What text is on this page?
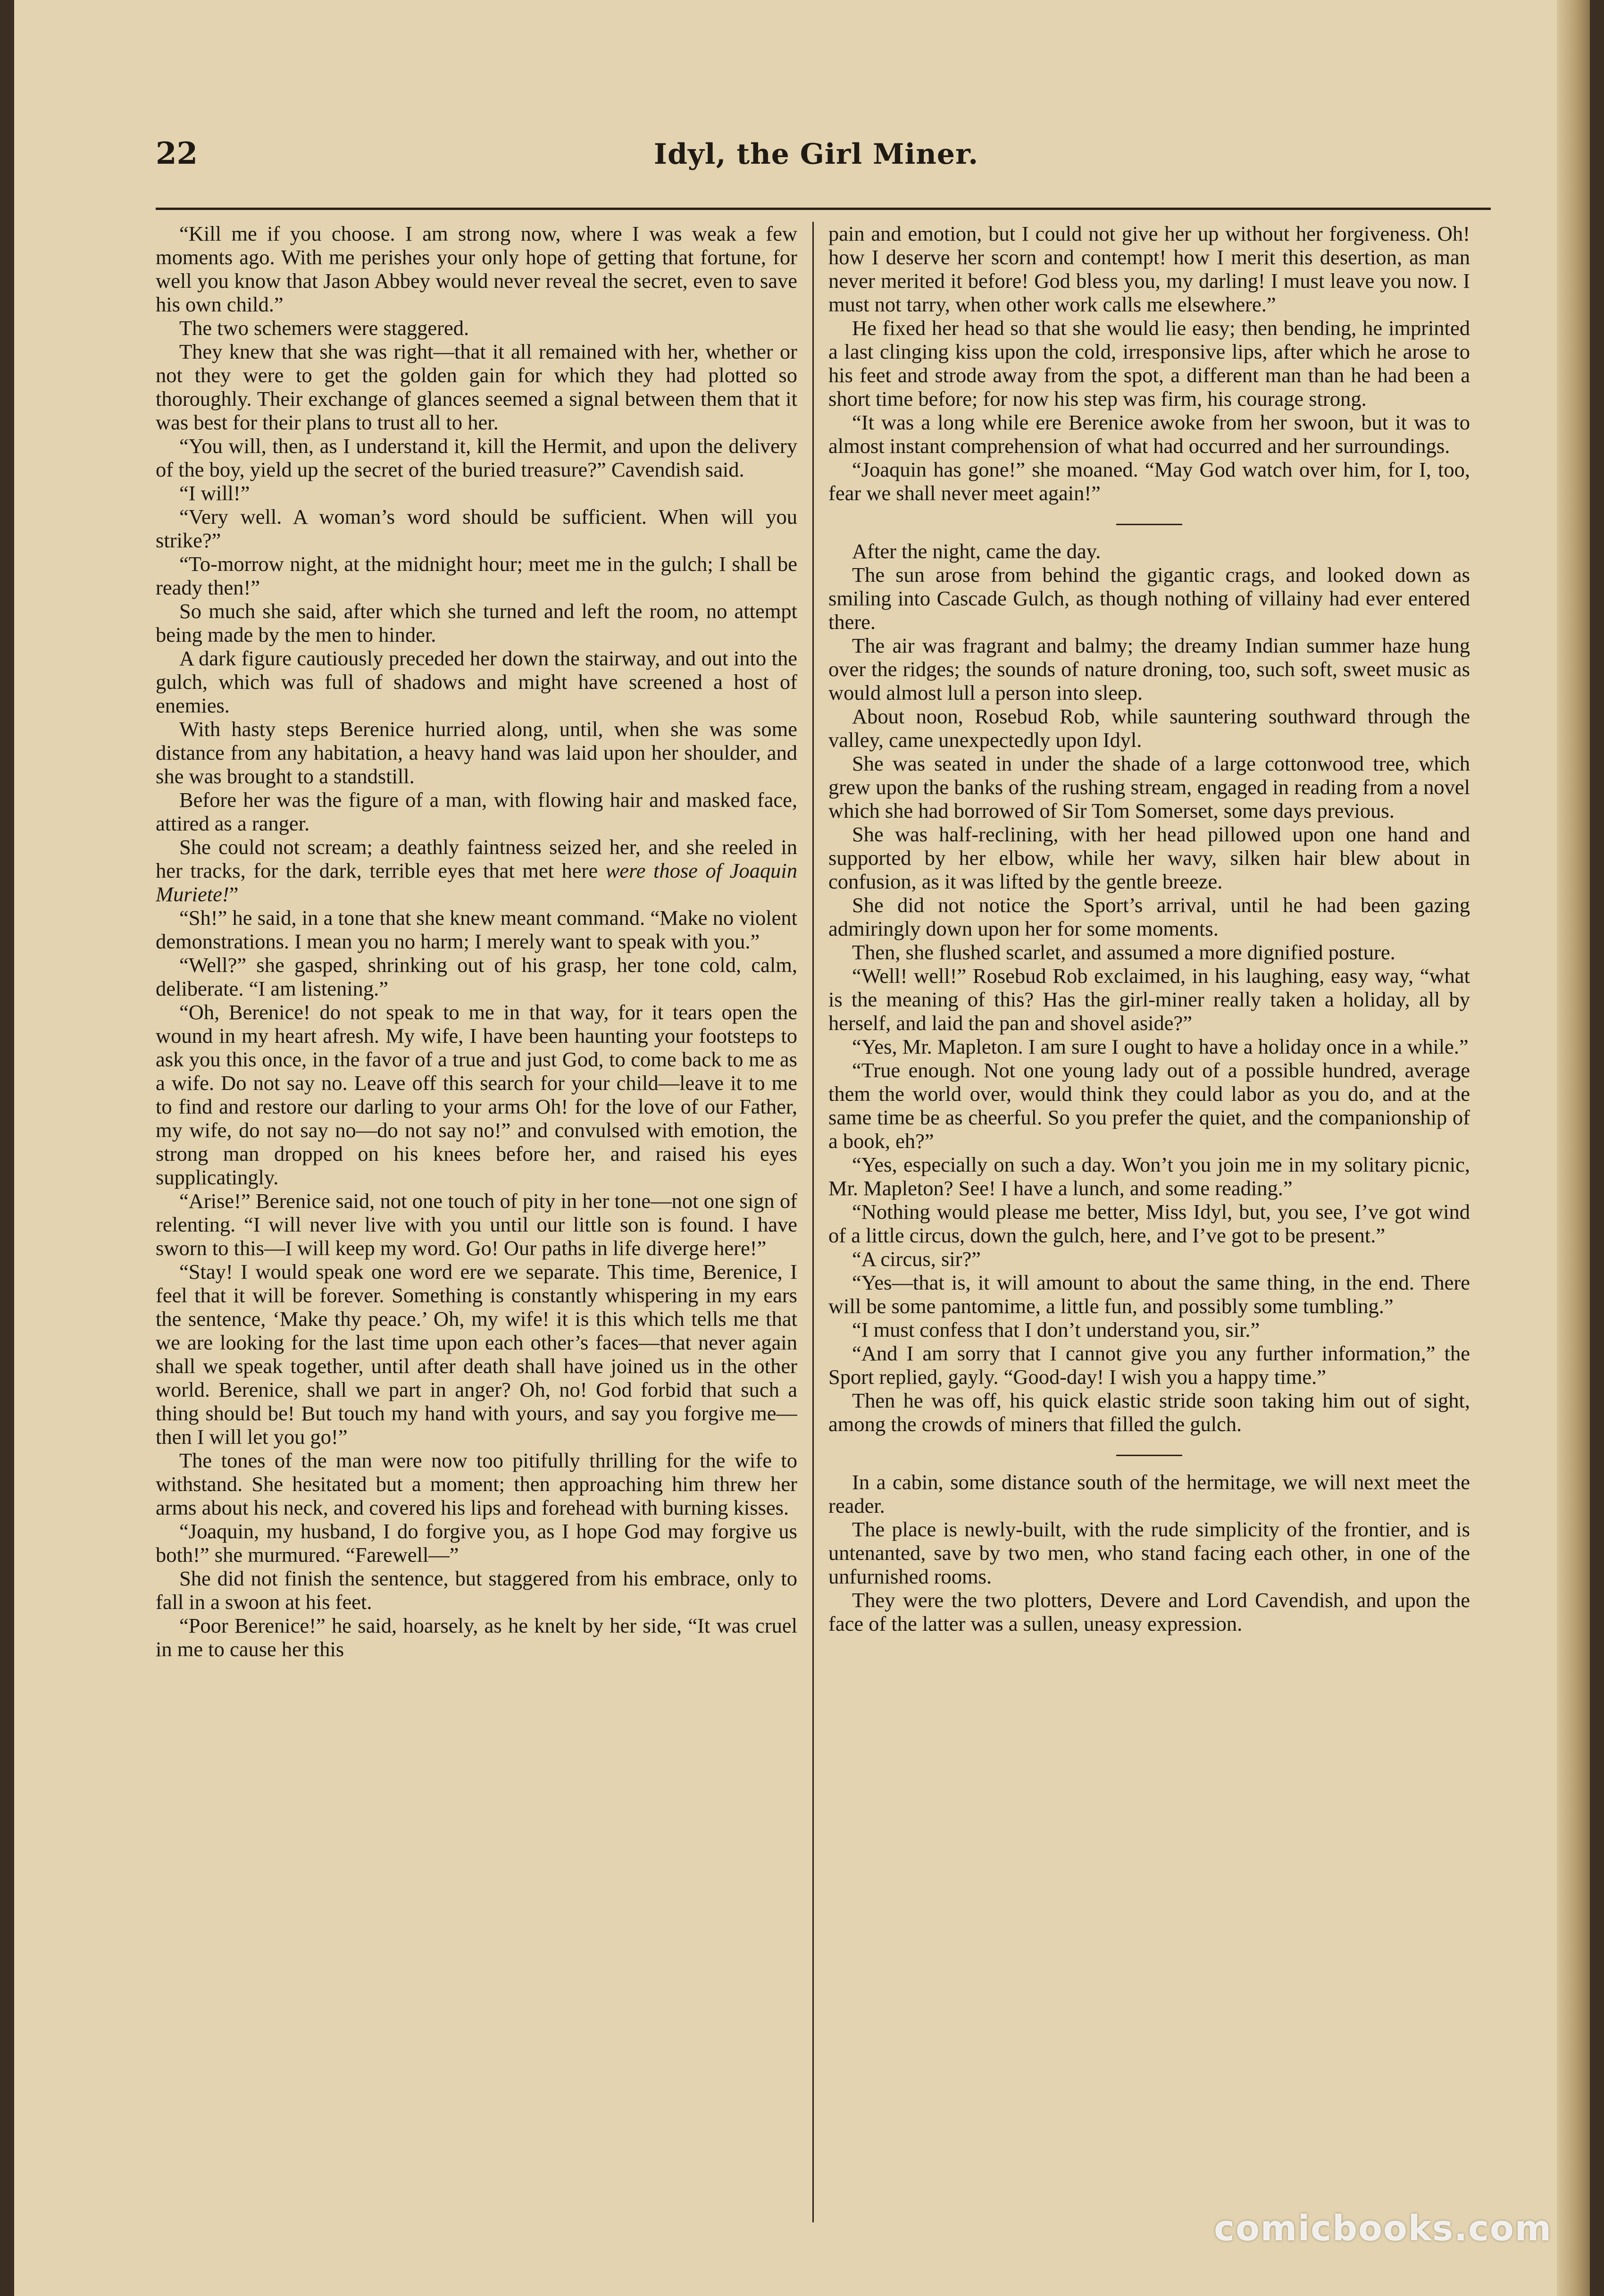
22	Idyl, the Girl Miner.

“Kill me if you choose. I am strong now, where I was weak a few moments ago. With me perishes your only hope of getting that fortune, for well you know that Jason Abbey would never reveal the secret, even to save his own child.”

The two schemers were staggered.

They knew that she was right—that it all remained with her, whether or not they were to get the golden gain for which they had plotted so thoroughly. Their exchange of glances seemed a signal between them that it was best for their plans to trust all to her.

“You will, then, as I understand it, kill the Hermit, and upon the delivery of the boy, yield up the secret of the buried treasure?” Cavendish said.

“I will!”

“Very well. A woman’s word should be sufficient. When will you strike?”

“To-morrow night, at the midnight hour; meet me in the gulch; I shall be ready then!”

So much she said, after which she turned and left the room, no attempt being made by the men to hinder.

A dark figure cautiously preceded her down the stairway, and out into the gulch, which was full of shadows and might have screened a host of enemies.

With hasty steps Berenice hurried along, until, when she was some distance from any habitation, a heavy hand was laid upon her shoulder, and she was brought to a standstill.

Before her was the figure of a man, with flowing hair and masked face, attired as a ranger.

She could not scream; a deathly faintness seized her, and she reeled in her tracks, for the dark, terrible eyes that met here were those of Joaquin Muriete!”

“Sh!” he said, in a tone that she knew meant command. “Make no violent demonstrations. I mean you no harm; I merely want to speak with you.”

“Well?” she gasped, shrinking out of his grasp, her tone cold, calm, deliberate. “I am listening.”

“Oh, Berenice! do not speak to me in that way, for it tears open the wound in my heart afresh. My wife, I have been haunting your footsteps to ask you this once, in the favor of a true and just God, to come back to me as a wife. Do not say no. Leave off this search for your child—leave it to me to find and restore our darling to your arms Oh! for the love of our Father, my wife, do not say no—do not say no!” and convulsed with emotion, the strong man dropped on his knees before her, and raised his eyes supplicatingly.

“Arise!” Berenice said, not one touch of pity in her tone—not one sign of relenting. “I will never live with you until our little son is found. I have sworn to this—I will keep my word. Go! Our paths in life diverge here!”

“Stay! I would speak one word ere we separate. This time, Berenice, I feel that it will be forever. Something is constantly whispering in my ears the sentence, ‘Make thy peace.’ Oh, my wife! it is this which tells me that we are looking for the last time upon each other’s faces—that never again shall we speak together, until after death shall have joined us in the other world. Berenice, shall we part in anger? Oh, no! God forbid that such a thing should be! But touch my hand with yours, and say you forgive me—then I will let you go!”

The tones of the man were now too pitifully thrilling for the wife to withstand. She hesitated but a moment; then approaching him threw her arms about his neck, and covered his lips and forehead with burning kisses.

“Joaquin, my husband, I do forgive you, as I hope God may forgive us both!” she murmured. “Farewell—”

She did not finish the sentence, but staggered from his embrace, only to fall in a swoon at his feet.

“Poor Berenice!” he said, hoarsely, as he knelt by her side, “It was cruel in me to cause her this

pain and emotion, but I could not give her up without her forgiveness. Oh! how I deserve her scorn and contempt! how I merit this desertion, as man never merited it before! God bless you, my darling! I must leave you now. I must not tarry, when other work calls me elsewhere.”

He fixed her head so that she would lie easy; then bending, he imprinted a last clinging kiss upon the cold, irresponsive lips, after which he arose to his feet and strode away from the spot, a different man than he had been a short time before; for now his step was firm, his courage strong.

“It was a long while ere Berenice awoke from her swoon, but it was to almost instant comprehension of what had occurred and her surroundings.

“Joaquin has gone!” she moaned. “May God watch over him, for I, too, fear we shall never meet again!”

After the night, came the day.

The sun arose from behind the gigantic crags, and looked down as smiling into Cascade Gulch, as though nothing of villainy had ever entered there.

The air was fragrant and balmy; the dreamy Indian summer haze hung over the ridges; the sounds of nature droning, too, such soft, sweet music as would almost lull a person into sleep.

About noon, Rosebud Rob, while sauntering southward through the valley, came unexpectedly upon Idyl.

She was seated in under the shade of a large cottonwood tree, which grew upon the banks of the rushing stream, engaged in reading from a novel which she had borrowed of Sir Tom Somerset, some days previous.

She was half-reclining, with her head pillowed upon one hand and supported by her elbow, while her wavy, silken hair blew about in confusion, as it was lifted by the gentle breeze.

She did not notice the Sport’s arrival, until he had been gazing admiringly down upon her for some moments.

Then, she flushed scarlet, and assumed a more dignified posture.

“Well! well!” Rosebud Rob exclaimed, in his laughing, easy way, “what is the meaning of this? Has the girl-miner really taken a holiday, all by herself, and laid the pan and shovel aside?”

“Yes, Mr. Mapleton. I am sure I ought to have a holiday once in a while.”

“True enough. Not one young lady out of a possible hundred, average them the world over, would think they could labor as you do, and at the same time be as cheerful. So you prefer the quiet, and the companionship of a book, eh?”

“Yes, especially on such a day. Won’t you join me in my solitary picnic, Mr. Mapleton? See! I have a lunch, and some reading.”

“Nothing would please me better, Miss Idyl, but, you see, I’ve got wind of a little circus, down the gulch, here, and I’ve got to be present.”

“A circus, sir?”

“Yes—that is, it will amount to about the same thing, in the end. There will be some pantomime, a little fun, and possibly some tumbling.”

“I must confess that I don’t understand you, sir.”

“And I am sorry that I cannot give you any further information,” the Sport replied, gayly. “Good-day! I wish you a happy time.”

Then he was off, his quick elastic stride soon taking him out of sight, among the crowds of miners that filled the gulch.

In a cabin, some distance south of the hermitage, we will next meet the reader.

The place is newly-built, with the rude simplicity of the frontier, and is untenanted, save by two men, who stand facing each other, in one of the unfurnished rooms.

They were the two plotters, Devere and Lord Cavendish, and upon the face of the latter was a sullen, uneasy expression.

comicbooks.com
